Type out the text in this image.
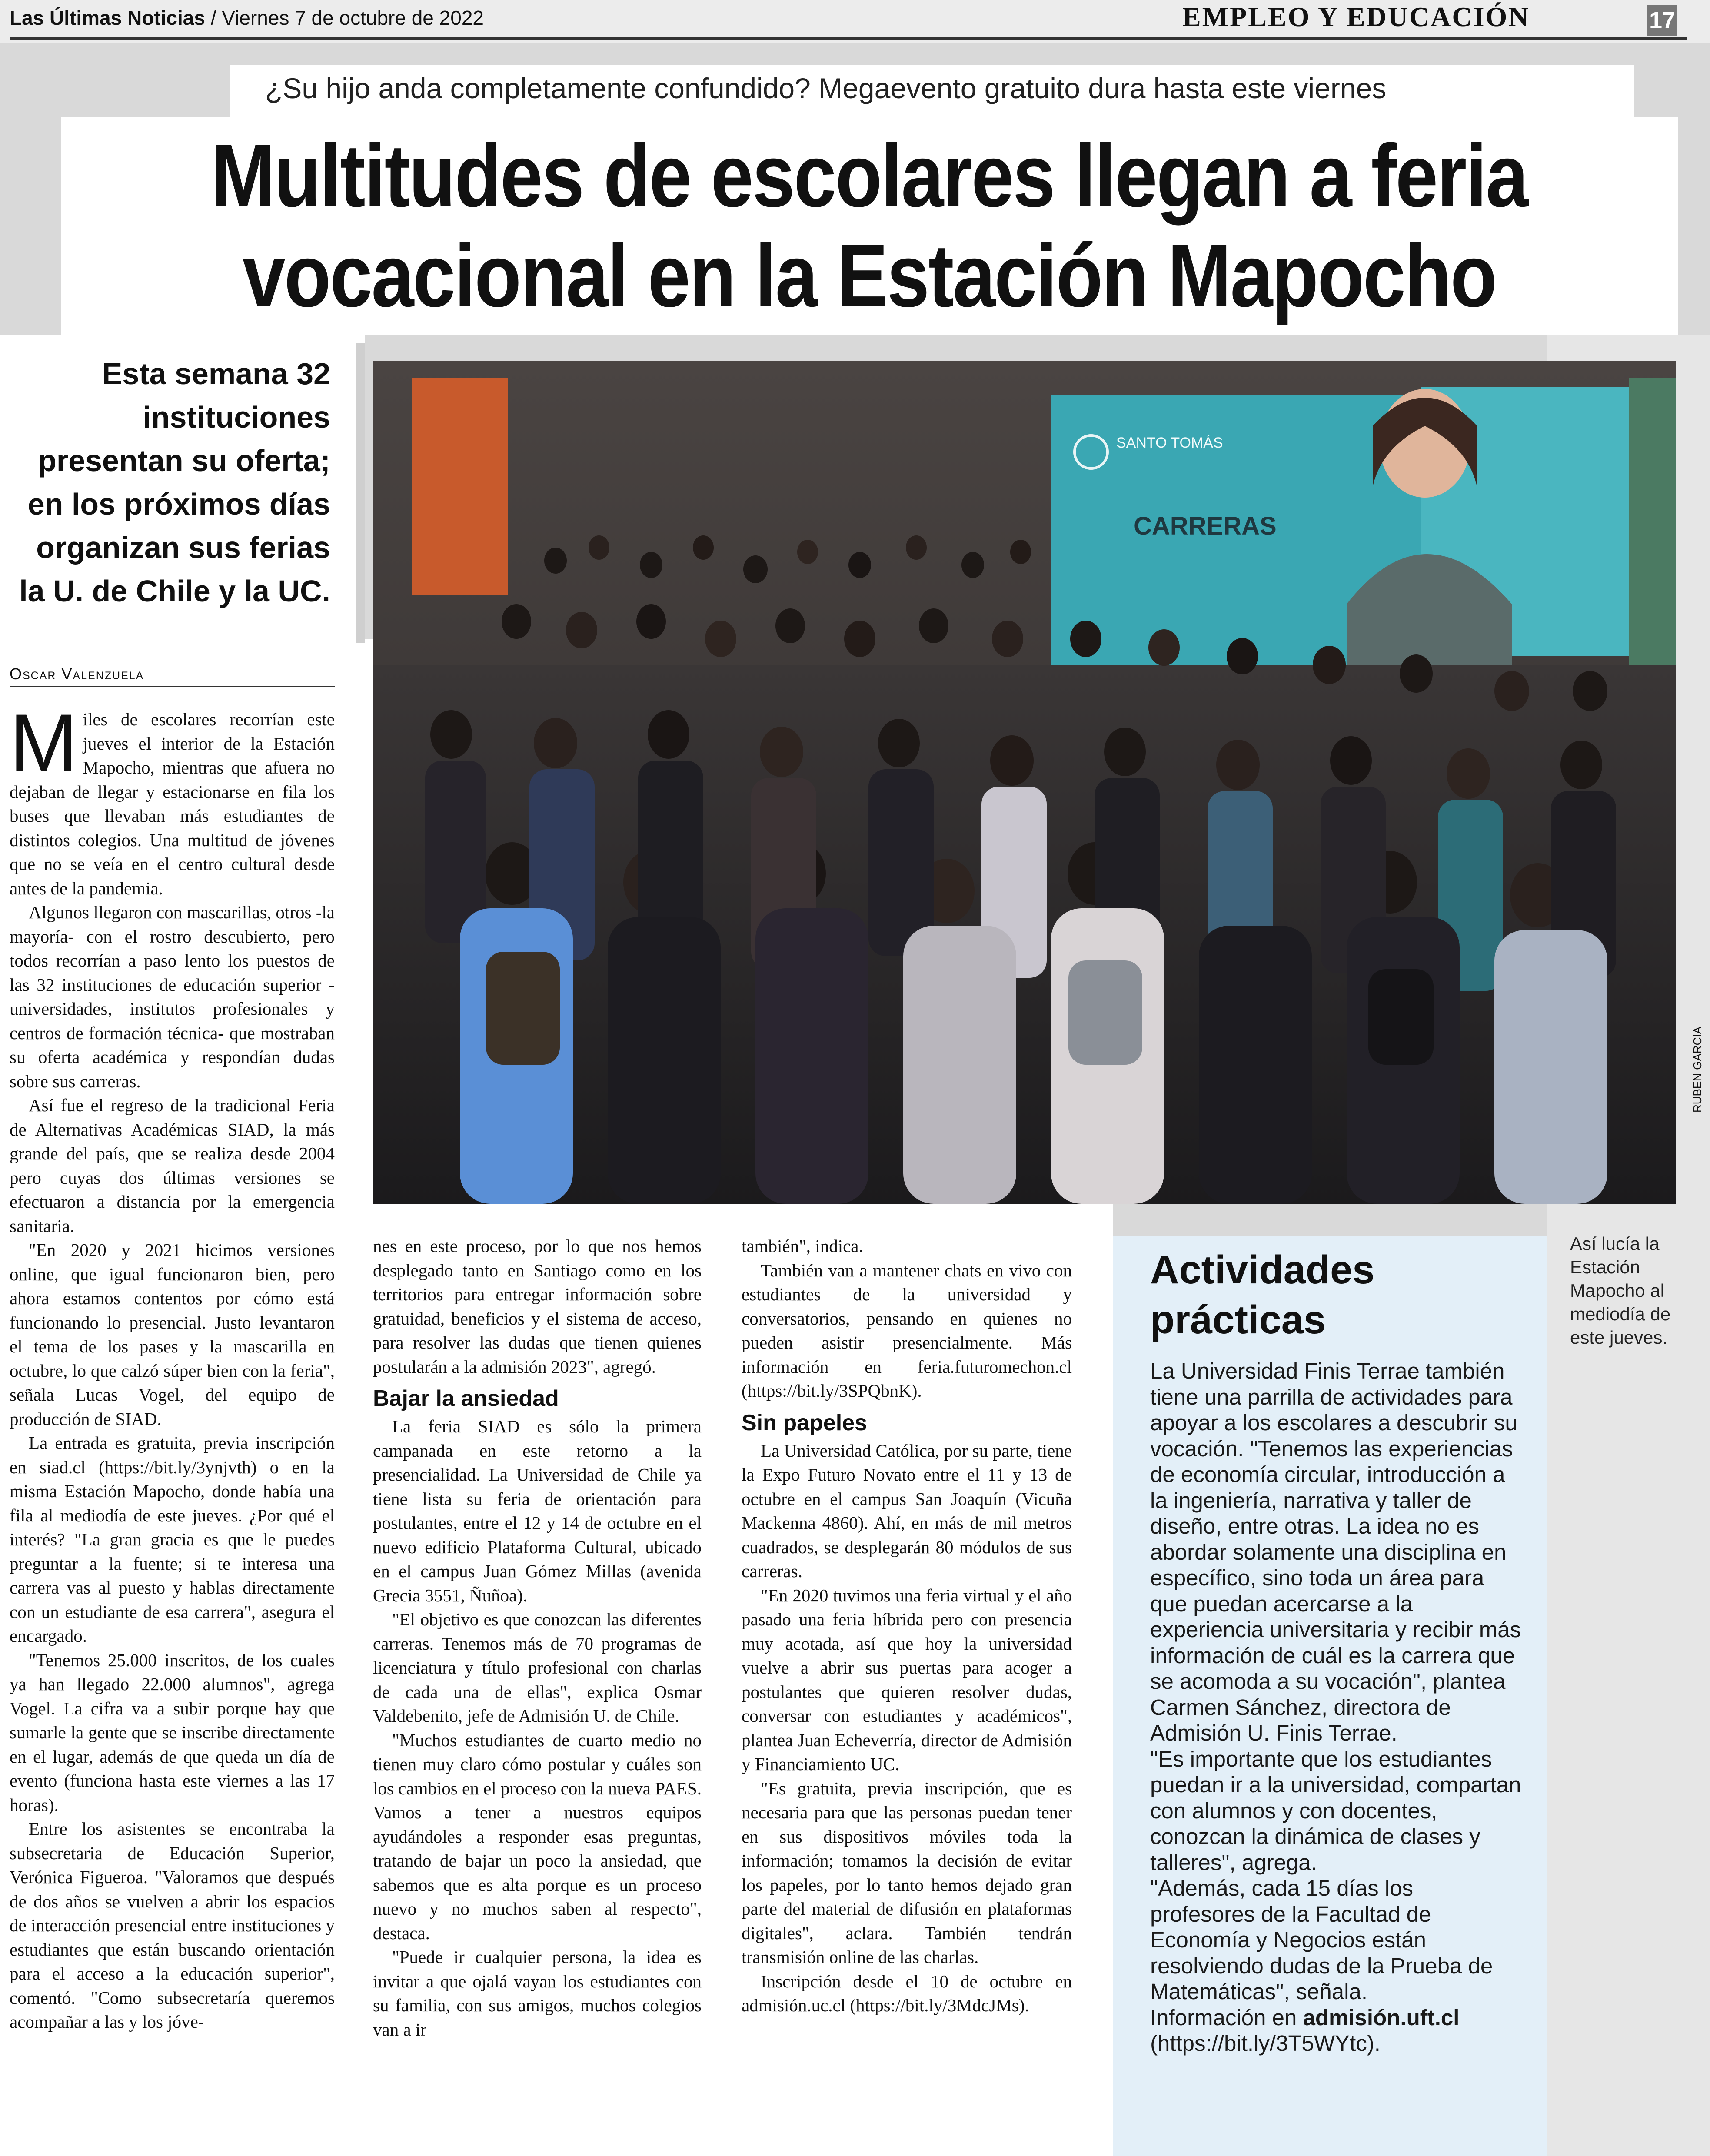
Las Últimas Noticias / Viernes 7 de octubre de 2022	EMPLEO Y EDUCACIÓN	17
¿Su hijo anda completamente confundido? Megaevento gratuito dura hasta este viernes
Multitudes de escolares llegan a feria
vocacional en la Estación Mapocho
Esta semana 32 instituciones presentan su oferta; en los próximos días organizan sus ferias la U. de Chile y la UC.
Oscar Valenzuela
SANTO TOMÁS
CARRERAS
RUBEN GARCIA
Así lucía la Estación Mapocho al mediodía de este jueves.

Miles de escolares recorrían este jueves el interior de la Estación Mapocho, mientras que afuera no dejaban de llegar y estacionarse en fila los buses que llevaban más estudiantes de distintos colegios. Una multitud de jóvenes que no se veía en el centro cultural desde antes de la pandemia.

Algunos llegaron con mascarillas, otros -la mayoría- con el rostro descubierto, pero todos recorrían a paso lento los puestos de las 32 instituciones de educación superior -universidades, institutos profesionales y centros de formación técnica- que mostraban su oferta académica y respondían dudas sobre sus carreras.

Así fue el regreso de la tradicional Feria de Alternativas Académicas SIAD, la más grande del país, que se realiza desde 2004 pero cuyas dos últimas versiones se efectuaron a distancia por la emergencia sanitaria.

"En 2020 y 2021 hicimos versiones online, que igual funcionaron bien, pero ahora estamos contentos por cómo está funcionando lo presencial. Justo levantaron el tema de los pases y la mascarilla en octubre, lo que calzó súper bien con la feria", señala Lucas Vogel, del equipo de producción de SIAD.

La entrada es gratuita, previa inscripción en siad.cl (https://bit.ly/3ynjvth) o en la misma Estación Mapocho, donde había una fila al mediodía de este jueves. ¿Por qué el interés? "La gran gracia es que le puedes preguntar a la fuente; si te interesa una carrera vas al puesto y hablas directamente con un estudiante de esa carrera", asegura el encargado.

"Tenemos 25.000 inscritos, de los cuales ya han llegado 22.000 alumnos", agrega Vogel. La cifra va a subir porque hay que sumarle la gente que se inscribe directamente en el lugar, además de que queda un día de evento (funciona hasta este viernes a las 17 horas).

Entre los asistentes se encontraba la subsecretaria de Educación Superior, Verónica Figueroa. "Valoramos que después de dos años se vuelven a abrir los espacios de interacción presencial entre instituciones y estudiantes que están buscando orientación para el acceso a la educación superior", comentó. "Como subsecretaría queremos acompañar a las y los jóve-

nes en este proceso, por lo que nos hemos desplegado tanto en Santiago como en los territorios para entregar información sobre gratuidad, beneficios y el sistema de acceso, para resolver las dudas que tienen quienes postularán a la admisión 2023", agregó.

Bajar la ansiedad

La feria SIAD es sólo la primera campanada en este retorno a la presencialidad. La Universidad de Chile ya tiene lista su feria de orientación para postulantes, entre el 12 y 14 de octubre en el nuevo edificio Plataforma Cultural, ubicado en el campus Juan Gómez Millas (avenida Grecia 3551, Ñuñoa).

"El objetivo es que conozcan las diferentes carreras. Tenemos más de 70 programas de licenciatura y título profesional con charlas de cada una de ellas", explica Osmar Valdebenito, jefe de Admisión U. de Chile.

"Muchos estudiantes de cuarto medio no tienen muy claro cómo postular y cuáles son los cambios en el proceso con la nueva PAES. Vamos a tener a nuestros equipos ayudándoles a responder esas preguntas, tratando de bajar un poco la ansiedad, que sabemos que es alta porque es un proceso nuevo y no muchos saben al respecto", destaca.

"Puede ir cualquier persona, la idea es invitar a que ojalá vayan los estudiantes con su familia, con sus amigos, muchos colegios van a ir

también", indica.

También van a mantener chats en vivo con estudiantes de la universidad y conversatorios, pensando en quienes no pueden asistir presencialmente. Más información en feria.futuromechon.cl (https://bit.ly/3SPQbnK).

Sin papeles

La Universidad Católica, por su parte, tiene la Expo Futuro Novato entre el 11 y 13 de octubre en el campus San Joaquín (Vicuña Mackenna 4860). Ahí, en más de mil metros cuadrados, se desplegarán 80 módulos de sus carreras.

"En 2020 tuvimos una feria virtual y el año pasado una feria híbrida pero con presencia muy acotada, así que hoy la universidad vuelve a abrir sus puertas para acoger a postulantes que quieren resolver dudas, conversar con estudiantes y académicos", plantea Juan Echeverría, director de Admisión y Financiamiento UC.

"Es gratuita, previa inscripción, que es necesaria para que las personas puedan tener en sus dispositivos móviles toda la información; tomamos la decisión de evitar los papeles, por lo tanto hemos dejado gran parte del material de difusión en plataformas digitales", aclara. También tendrán transmisión online de las charlas.

Inscripción desde el 10 de octubre en admisión.uc.cl (https://bit.ly/3MdcJMs).

Actividades prácticas

La Universidad Finis Terrae también tiene una parrilla de actividades para apoyar a los escolares a descubrir su vocación. "Tenemos las experiencias de economía circular, introducción a la ingeniería, narrativa y taller de diseño, entre otras. La idea no es abordar solamente una disciplina en específico, sino toda un área para que puedan acercarse a la experiencia universitaria y recibir más información de cuál es la carrera que se acomoda a su vocación", plantea Carmen Sánchez, directora de Admisión U. Finis Terrae.

"Es importante que los estudiantes puedan ir a la universidad, compartan con alumnos y con docentes, conozcan la dinámica de clases y talleres", agrega.

"Además, cada 15 días los profesores de la Facultad de Economía y Negocios están resolviendo dudas de la Prueba de Matemáticas", señala.

Información en admisión.uft.cl (https://bit.ly/3T5WYtc).
